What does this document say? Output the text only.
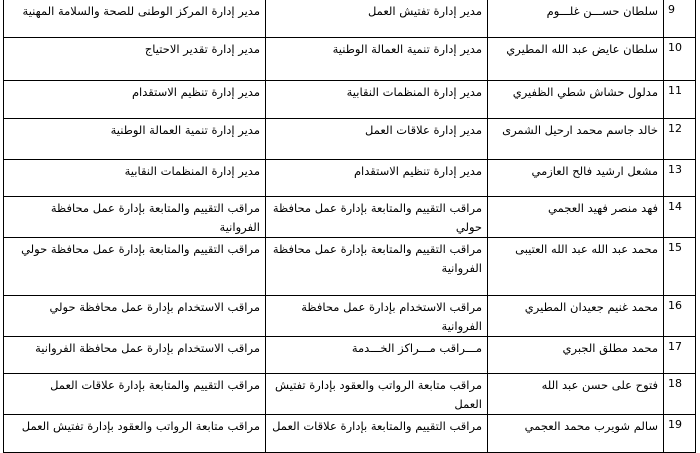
9	سلطان حســـن غلـــوم	مدير إدارة تفتيش العمل	مدير إدارة المركز الوطنى للصحة والسلامة المهنية
10	سلطان عايض عبد الله المطيري	مدير إدارة تنمية العمالة الوطنية	مدير إدارة تقدير الاحتياج
11	مدلول حشاش شطي الظفيري	مدير إدارة المنظمات النقابية	مدير إدارة تنظيم الاستقدام
12	خالد جاسم محمد ارحيل الشمرى	مدير إدارة علاقات العمل	مدير إدارة تنمية العمالة الوطنية
13	مشعل ارشيد فالح العازمي	مدير إدارة تنظيم الاستقدام	مدير إدارة المنظمات النقابية
14	فهد منصر فهيد العجمي	مراقب التقييم والمتابعة بإدارة عمل محافظة حولي	مراقب التقييم والمتابعة بإدارة عمل محافظة الفروانية
15	محمد عبد الله عبد الله العتيبى	مراقب التقييم والمتابعة بإدارة عمل محافظة الفروانية	مراقب التقييم والمتابعة بإدارة عمل محافظة حولي
16	محمد غنيم جعيدان المطيري	مراقب الاستخدام بإدارة عمل محافظة الفروانية	مراقب الاستخدام بإدارة عمل محافظة حولي
17	محمد مطلق الجبري	مـــراقب مـــراكز الخـــدمة	مراقب الاستخدام بإدارة عمل محافظة الفروانية
18	فتوح على حسن عبد الله	مراقب متابعة الرواتب والعقود بإدارة تفتيش العمل	مراقب التقييم والمتابعة بإدارة علاقات العمل
19	سالم شويرب محمد العجمي	مراقب التقييم والمتابعة بإدارة علاقات العمل	مراقب متابعة الرواتب والعقود بإدارة تفتيش العمل
